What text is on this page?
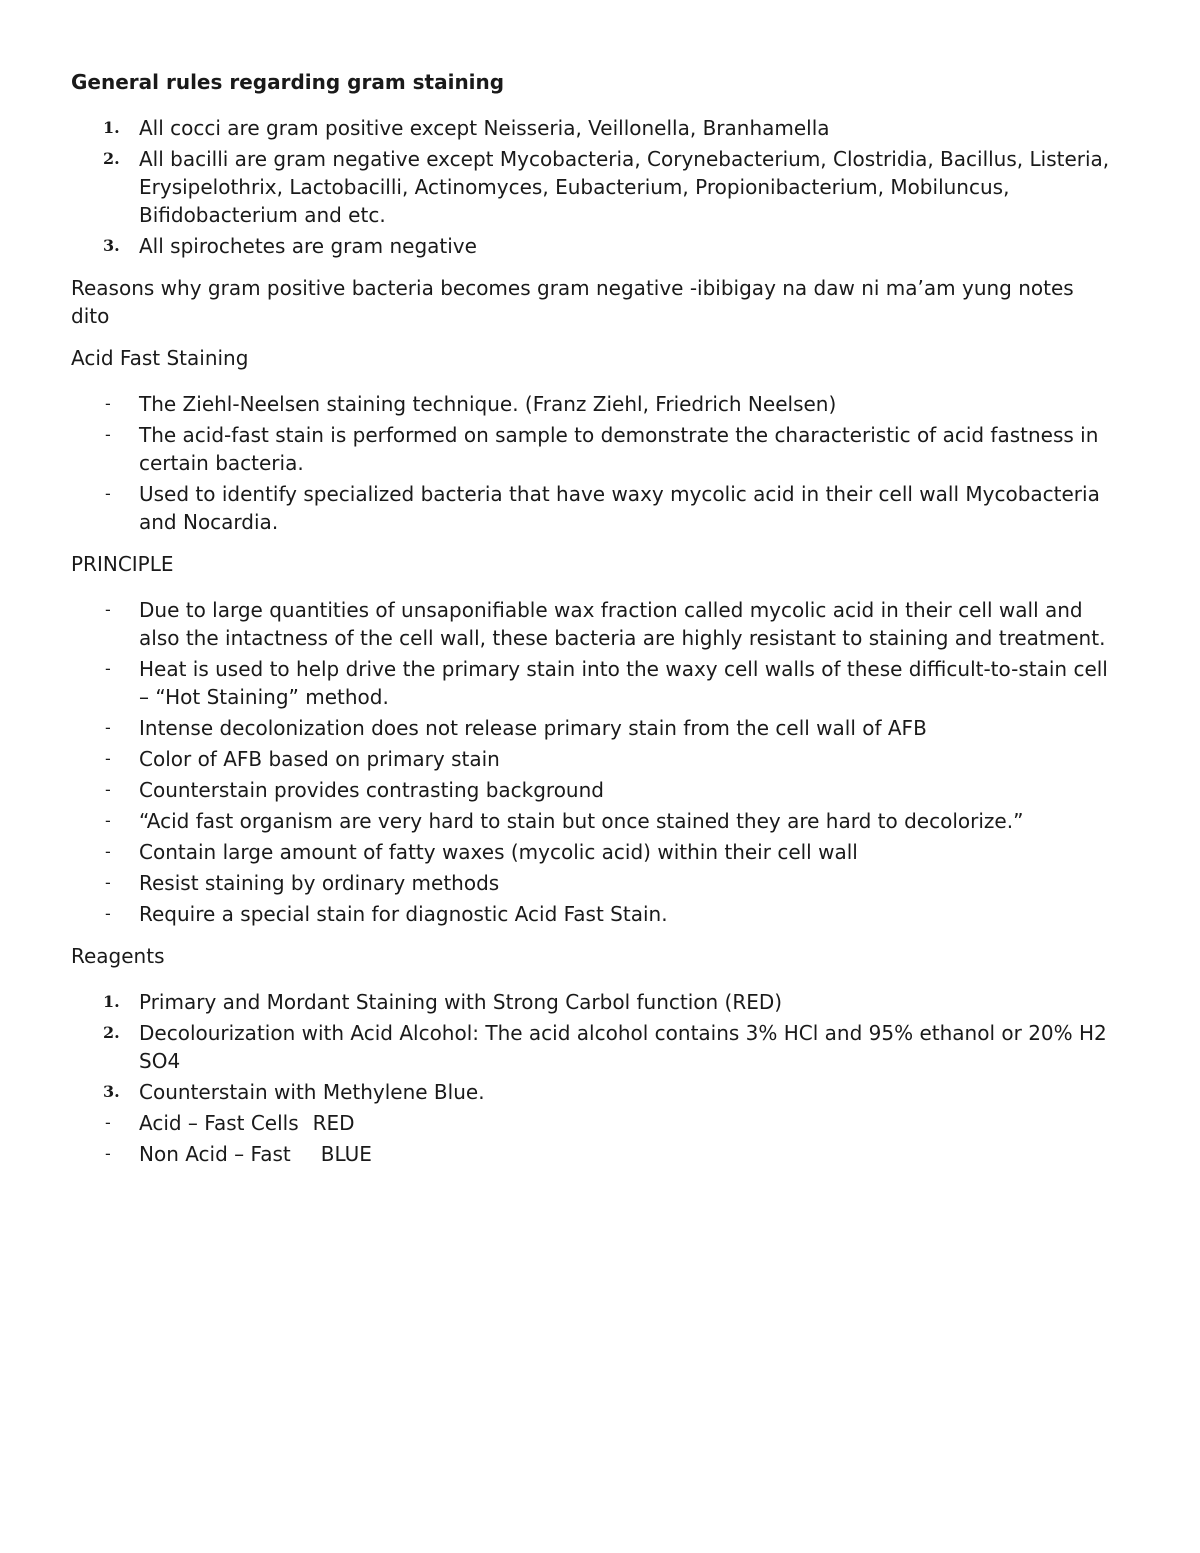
General rules regarding gram staining
1. All cocci are gram positive except Neisseria, Veillonella, Branhamella
2. All bacilli are gram negative except Mycobacteria, Corynebacterium, Clostridia, Bacillus, Listeria, Erysipelothrix, Lactobacilli, Actinomyces, Eubacterium, Propionibacterium, Mobiluncus, Bifidobacterium and etc.
3. All spirochetes are gram negative

Reasons why gram positive bacteria becomes gram negative -ibibigay na daw ni ma’am yung notes dito

Acid Fast Staining

- The Ziehl-Neelsen staining technique. (Franz Ziehl, Friedrich Neelsen)
- The acid-fast stain is performed on sample to demonstrate the characteristic of acid fastness in certain bacteria.
- Used to identify specialized bacteria that have waxy mycolic acid in their cell wall Mycobacteria and Nocardia.

PRINCIPLE

- Due to large quantities of unsaponifiable wax fraction called mycolic acid in their cell wall and also the intactness of the cell wall, these bacteria are highly resistant to staining and treatment.
- Heat is used to help drive the primary stain into the waxy cell walls of these difficult-to-stain cell – “Hot Staining” method.
- Intense decolonization does not release primary stain from the cell wall of AFB
- Color of AFB based on primary stain
- Counterstain provides contrasting background
- “Acid fast organism are very hard to stain but once stained they are hard to decolorize.”
- Contain large amount of fatty waxes (mycolic acid) within their cell wall
- Resist staining by ordinary methods
- Require a special stain for diagnostic Acid Fast Stain.

Reagents

1. Primary and Mordant Staining with Strong Carbol function (RED)
2. Decolourization with Acid Alcohol: The acid alcohol contains 3% HCl and 95% ethanol or 20% H2 SO4
3. Counterstain with Methylene Blue.
- Acid – Fast Cells RED
- Non Acid – Fast BLUE
